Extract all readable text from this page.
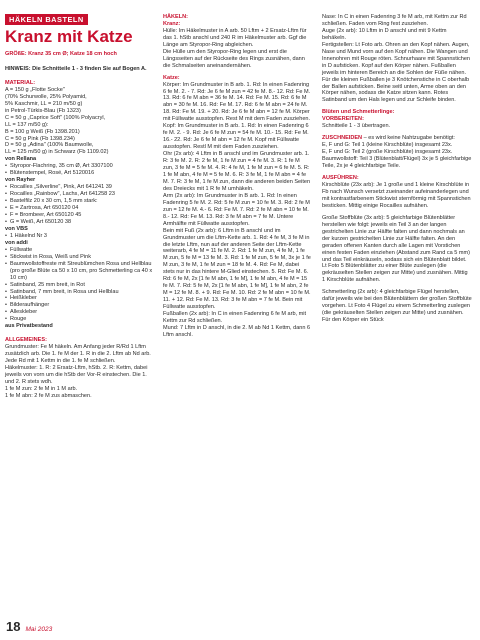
HÄKELN BASTELN
Kranz mit Katze
GRÖßE: Kranz 35 cm Ø; Katze 18 cm hoch
HINWEIS: Die Schnitteile 1 - 3 finden Sie auf Bogen A.
MATERIAL:
A = 150 g „Flotte Socke"
(70% Schurwolle, 25% Polyamid,
5% Kaschmir, LL = 210 m/50 g)
in Petrol-Türkis-Blau (Fb 1323)
C = 50 g „Caprice Soft" (100% Polyacryl,
LL = 137 m/50 g):
B = 100 g Weiß (Fb 1398.201)
C = 50 g Pink (Fb 1398.234)
D = 50 g „Adina" (100% Baumwolle,
LL = 125 m/50 g) in Schwarz (Fb 1109.02)
von Rellana
• Styropor-Flachring, 35 cm Ø, Art 3307100
• Blütenstempel, Rosé, Art 5120016
von Rayher
• Rocailles „Silverline", Pink, Art 641241 39
• Rocailles „Rainbow", Lachs, Art 641258 23
• Bastelfilz 20 x 30 cm, 1,5 mm stark:
• E = Zartrosa, Art 650120 04
• F = Brombeer, Art 650120 45
• G = Weiß, Art 650120 38
von VBS
• 1 Häkelnd Nr 3
von addi
• Füllwatte
• Stickwist in Rosa, Weiß und Pink
• Baumwollstoffreste mit Streublümchen Rosa und Hellblau (pro große Blüte ca 50 x 10 cm, pro Schmetterling ca 40 x 10 cm)
• Satinband, 25 mm breit, in Rot
• Satinband, 7 mm breit, in Rosa und Hellblau
• Heißkleber
• Bilderaufhänger
• Alleskleber
• Rouge
aus Privatbestand
ALLGEMEINES:
Grundmuster: Fe M häkeln. Am Anfang jeder R/Rd 1 Lftm zusätzlich arb. Die 1. fe M der 1. R in die 2. Lftm ab Nd arb. Jede Rd mit 1 Kettm in die 1. fe M schließen.
Häkelmuster: 1. R: 2 Ersatz-Lftm, hStb. 2. R: Kettm, dabei jeweils von vorn um die hStb der Vor-R einstechen. Die 1. und 2. R stets wdh.
1 fe M zun: 2 fe M in 1 M arb.
1 fe M abn: 2 fe M zus abmaschen.
HÄKELN:
Kranz:
Hülle: Im Häkelmuster in A arb. 50 Lftm + 2 Ersatz-Lftm für das 1. hStb anschl und 240 R im Häkelmuster arb. Ggf die Länge am Styropor-Ring abgleichen.
Die Hülle um den Styropor-Ring legen und erst die Längsseiten auf der Rückseite des Rings zusnähen, dann die Schmalseiten aneinandernähen.
Katze:
Körper: Im Grundmuster in B arb. 1. Rd: In einen Fadenring 6 fe M. 2. - 7. Rd: Je 6 fe M zun = 42 fe M. 8.- 12. Rd: Fe M. 13. Rd: 6 fe M abn = 36 fe M. 14. Rd: Fe M. 15. Rd: 6 fe M abn = 30 fe M. 16. Rd: Fe M. 17. Rd: 6 fe M abn = 24 fe M. 18. Rd: Fe M. 19. + 20. Rd: Je 6 fe M abn = 12 fe M. Körper mit Füllwatte ausstopfen. Rest M mit dem Faden zusziehen.
Kopf: Im Grundmuster in B arb. 1. Rd: In einen Fadenring 6 fe M. 2. - 9. Rd: Je 6 fe M zun = 54 fe M. 10.- 15. Rd: Fe M. 16.- 22. Rd: Je 6 fe M abn = 12 fe M. Kopf mit Füllwatte ausstopfen. Restl M mit dem Faden zusziehen.
Ohr (2x arb): 4 Lftm in B anschl und im Grundmuster arb. 1. R: 3 fe M. 2. R: 2 fe M, 1 fe M zun = 4 fe M. 3. R: 1 fe M zun, 3 fe M = 5 fe M. 4. R: 4 fe M, 1 fe M zun = 6 fe M. 5. R: 1 fe M abn, 4 fe M = 5 fe M. 6. R: 3 fe M, 1 fe M abn = 4 fe M. 7. R: 3 fe M, 1 fe M zun, dann die anderen beiden Seiten des Dreiecks mit 1 R fe M umhäkeln.
Arm (2x arb): Im Grundmuster in B arb. 1. Rd: In einen Fadenring 5 fe M. 2. Rd: 5 fe M zun = 10 fe M. 3. Rd: 2 fe M zun = 12 fe M. 4.- 6. Rd: Fe M. 7. Rd: 2 fe M abn = 10 fe M. 8.- 12. Rd: Fe M. 13. Rd: 3 fe M abn = 7 fe M. Untere Armhälfte mit Füllwatte ausstopfen.
Bein mit Fuß (2x arb): 6 Lftm in B anschl und im Grundmuster um die Lftm-Kette arb. 1. Rd: 4 fe M, 3 fe M in die letzte Lftm, nun auf der anderen Seite der Lftm-Kette weiterarb, 4 fe M = 11 fe M. 2. Rd: 1 fe M zun, 4 fe M, 1 fe M zun, 5 fe M = 13 fe M. 3. Rd: 1 fe M zun, 5 fe M, 3x je 1 fe M zun, 3 fe M, 1 fe M zun = 18 fe M. 4. Rd: Fe M, dabei stets nur in das hintere M-Glied einstechen. 5. Rd: Fe M. 6. Rd: 6 fe M, 2x [1 fe M abn, 1 fe M], 1 fe M abn, 4 fe M = 15 fe M. 7. Rd: 5 fe M, 2x [1 fe M abn, 1 fe M], 1 fe M abn, 2 fe M = 12 fe M. 8. + 9. Rd: Fe M. 10. Rd: 2 fe M abn = 10 fe M. 11. + 12. Rd: Fe M. 13. Rd: 3 fe M abn = 7 fe M. Bein mit Füllwatte ausstopfen.
Fußballen (2x arb): In C in einen Fadenring 6 fe M arb, mit Kettm zur Rd schließen.
Mund: 7 Lftm in D anschl, in die 2. M ab Nd 1 Kettm, dann 6 Lftm anschl.
Nase: In C in einen Fadenring 3 fe M arb, mit Kettm zur Rd schließen. Faden vom Ring fest zusziehen.
Auge (2x arb): 10 Lftm in D anschl und mit 9 Kettm behäkeln.
Fertigstellen: Lt Foto arb. Ohren an den Kopf nähen. Augen, Nase und Mund vorn auf den Kopf nähen. Die Wangen und Innenohren mit Rouge röten. Schnurhaare mit Spannstichen in D aufsticken. Kopf auf den Körper nähen. Fußballen jeweils im hinteren Bereich an die Sohlen der Füße nähen. Für die kleinen Fußballen je 3 Knötchenstiche in C oberhalb der Ballen aufsticken. Beine seitl unten, Arme oben an den Körper nähen, sodass die Katze sitzen kann. Rotes Satinband um den Hals legen und zur Schleife binden.
Blüten und Schmetterlinge:
VORBEREITEN:
Schnitteile 1 - 3 übertragen.
ZUSCHNEIDEN – es wird keine Nahtzugabe benötigt:
E, F und G: Teil 1 (kleine Kirschblüte) insgesamt 23x.
E, F und G: Teil 2 (große Kirschblüte) insgesamt 23x.
Baumwollstoff: Teil 3 (Blütenblatt/Flügel) 3x je 5 gleichfarbige Teile, 2x je 4 gleichfarbige Teile.
AUSFÜHREN:
Kirschblüte (23x arb): Je 1 große und 1 kleine Kirschblüte in Fb nach Wunsch versetzt zueinander aufeinanderlegen und mit kontrastfarbenem Stickwist sternförmig mit Spannstichen besticken. Mittig einige Rocailles aufnähen.
Große Stoffblüte (3x arb): 5 gleichfarbige Blütenblätter herstellen wie folgt: jeweils ein Teil 3 an der langen gestrichelten Linie zur Hälfte falten und dann nochmals an der kurzen gestrichelten Linie zur Hälfte falten. An den geraden offenen Kanten durch alle Lagen mit Vorstichen einen festen Faden einziehen (Abstand zum Rand ca 5 mm) und das Teil einkräuseln, sodass sich ein Blütenblatt bildet. Lt Foto 5 Blütenblätter zu einer Blüte zuslegen (die gekräuselten Stellen zeigen zur Mitte) und zusnähen. Mittig 1 Kirschblüte aufnähen.
Schmetterling (2x arb): 4 gleichfarbige Flügel herstellen, dafür jeweils wie bei den Blütenblättern der großen Stoffblüte vorgehen. Lt Foto 4 Flügel zu einem Schmetterling zuslegen (die gekräuselten Stellen zeigen zur Mitte) und zusnähen. Für den Körper ein Stück
18 Mai 2023
